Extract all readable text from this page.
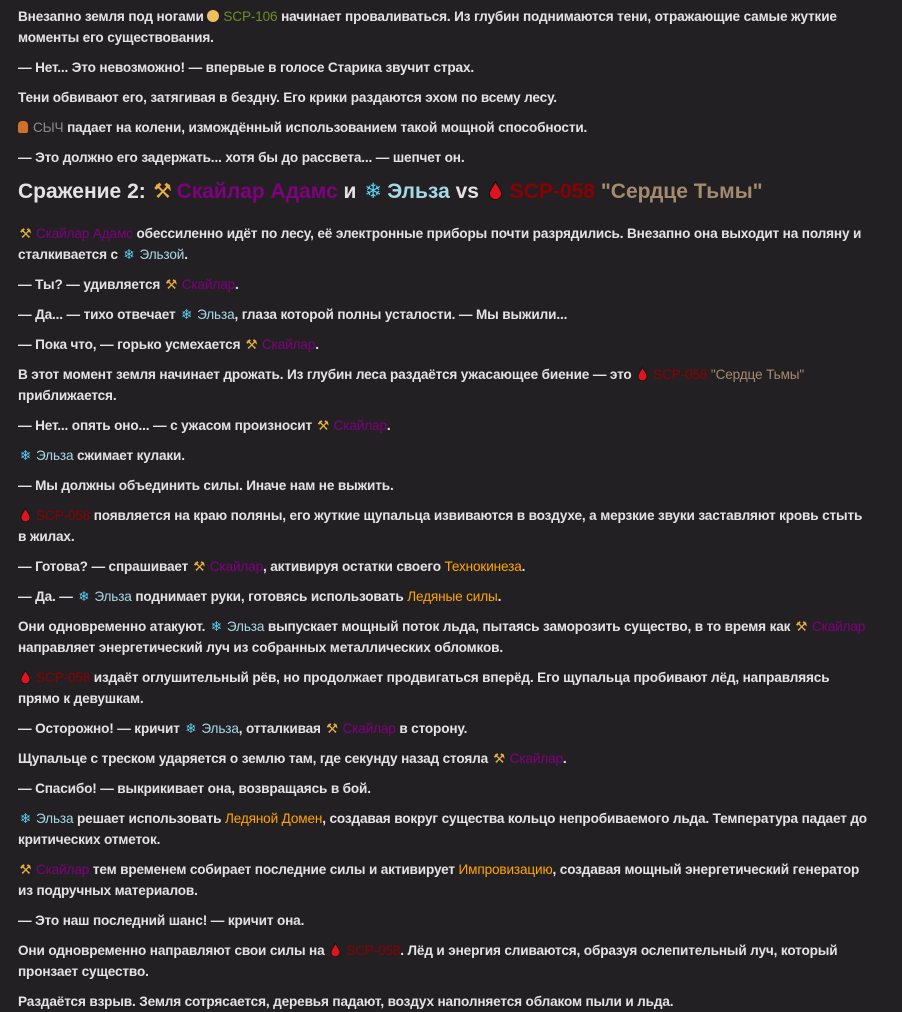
Внезапно земля под ногами SCP-106 начинает проваливаться. Из глубин поднимаются тени, отражающие самые жуткие моменты его существования.

— Нет... Это невозможно! — впервые в голосе Старика звучит страх.

Тени обвивают его, затягивая в бездну. Его крики раздаются эхом по всему лесу.

СЫЧ падает на колени, измождённый использованием такой мощной способности.

— Это должно его задержать... хотя бы до рассвета... — шепчет он.

Сражение 2: ⚒ Скайлар Адамс и ❄ Эльза vs SCP-058 "Сердце Тьмы"

⚒ Скайлар Адамс обессиленно идёт по лесу, её электронные приборы почти разрядились. Внезапно она выходит на поляну и сталкивается с ❄ Эльзой.

— Ты? — удивляется ⚒ Скайлар.

— Да... — тихо отвечает ❄ Эльза, глаза которой полны усталости. — Мы выжили...

— Пока что, — горько усмехается ⚒ Скайлар.

В этот момент земля начинает дрожать. Из глубин леса раздаётся ужасающее биение — это SCP-058 "Сердце Тьмы" приближается.

— Нет... опять оно... — с ужасом произносит ⚒ Скайлар.

❄ Эльза сжимает кулаки.

— Мы должны объединить силы. Иначе нам не выжить.

SCP-058 появляется на краю поляны, его жуткие щупальца извиваются в воздухе, а мерзкие звуки заставляют кровь стыть в жилах.

— Готова? — спрашивает ⚒ Скайлар, активируя остатки своего Технокинеза.

— Да. — ❄ Эльза поднимает руки, готовясь использовать Ледяные силы.

Они одновременно атакуют. ❄ Эльза выпускает мощный поток льда, пытаясь заморозить существо, в то время как ⚒ Скайлар направляет энергетический луч из собранных металлических обломков.

SCP-058 издаёт оглушительный рёв, но продолжает продвигаться вперёд. Его щупальца пробивают лёд, направляясь прямо к девушкам.

— Осторожно! — кричит ❄ Эльза, отталкивая ⚒ Скайлар в сторону.

Щупальце с треском ударяется о землю там, где секунду назад стояла ⚒ Скайлар.

— Спасибо! — выкрикивает она, возвращаясь в бой.

❄ Эльза решает использовать Ледяной Домен, создавая вокруг существа кольцо непробиваемого льда. Температура падает до критических отметок.

⚒ Скайлар тем временем собирает последние силы и активирует Импровизацию, создавая мощный энергетический генератор из подручных материалов.

— Это наш последний шанс! — кричит она.

Они одновременно направляют свои силы на SCP-058. Лёд и энергия сливаются, образуя ослепительный луч, который пронзает существо.

Раздаётся взрыв. Земля сотрясается, деревья падают, воздух наполняется облаком пыли и льда.
